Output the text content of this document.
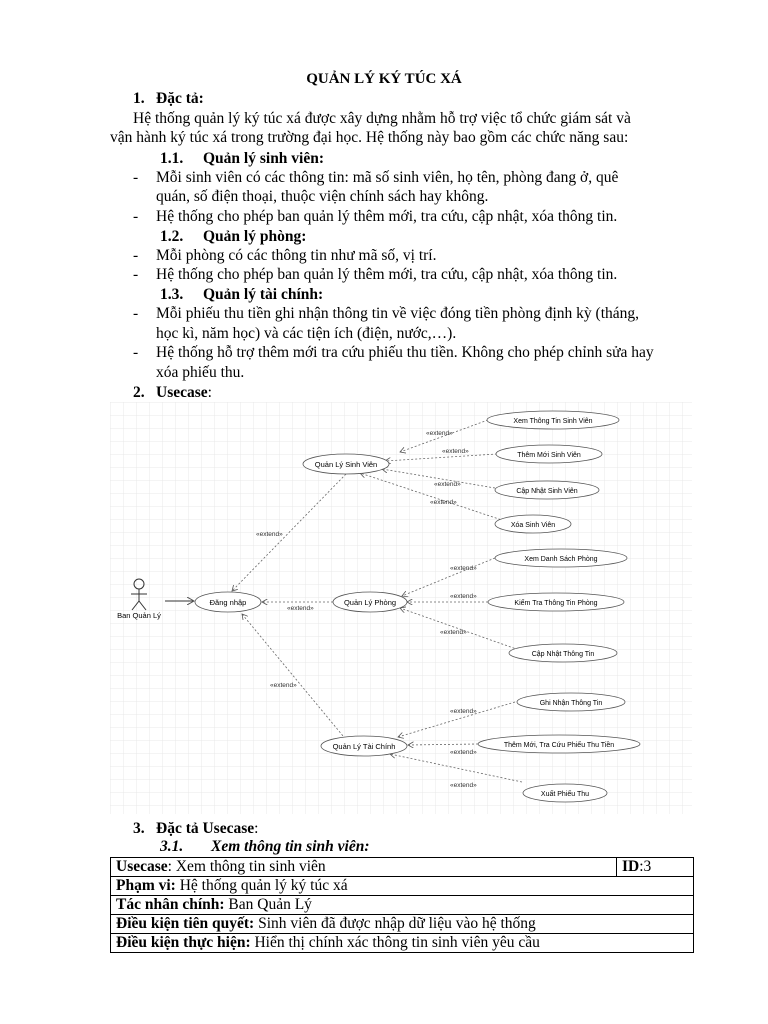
QUẢN LÝ KÝ TÚC XÁ
1. Đặc tả:
Hệ thống quản lý ký túc xá được xây dựng nhằm hỗ trợ việc tổ chức giám sát và
vận hành ký túc xá trong trường đại học. Hệ thống này bao gồm các chức năng sau:
1.1. Quản lý sinh viên:
- Mỗi sinh viên có các thông tin: mã số sinh viên, họ tên, phòng đang ở, quê
quán, số điện thoại, thuộc viện chính sách hay không.
- Hệ thống cho phép ban quản lý thêm mới, tra cứu, cập nhật, xóa thông tin.
1.2. Quản lý phòng:
- Mỗi phòng có các thông tin như mã số, vị trí.
- Hệ thống cho phép ban quản lý thêm mới, tra cứu, cập nhật, xóa thông tin.
1.3. Quản lý tài chính:
- Mỗi phiếu thu tiền ghi nhận thông tin về việc đóng tiền phòng định kỳ (tháng,
học kì, năm học) và các tiện ích (điện, nước,…).
- Hệ thống hỗ trợ thêm mới tra cứu phiếu thu tiền. Không cho phép chỉnh sửa hay
xóa phiếu thu.
2. Usecase:
Ban Quản Lý
«extend»
«extend»
«extend»
«extend»
«extend»
«extend»
«extend»
«extend»
«extend»
«extend»
«extend»
«extend»
«extend»
Đăng nhập
Quản Lý Sinh Viên
Quản Lý Phòng
Quản Lý Tài Chính
Xem Thông Tin Sinh Viên
Thêm Mới Sinh Viên
Cập Nhật Sinh Viên
Xóa Sinh Viên
Xem Danh Sách Phòng
Kiểm Tra Thông Tin Phòng
Cập Nhật Thông Tin
Ghi Nhận Thông Tin
Thêm Mới, Tra Cứu Phiếu Thu Tiền
Xuất Phiếu Thu
3. Đặc tả Usecase:
3.1. Xem thông tin sinh viên:
Usecase: Xem thông tin sinh viên	ID:3
Phạm vi: Hệ thống quản lý ký túc xá
Tác nhân chính: Ban Quản Lý
Điều kiện tiên quyết: Sinh viên đã được nhập dữ liệu vào hệ thống
Điều kiện thực hiện: Hiển thị chính xác thông tin sinh viên yêu cầu
